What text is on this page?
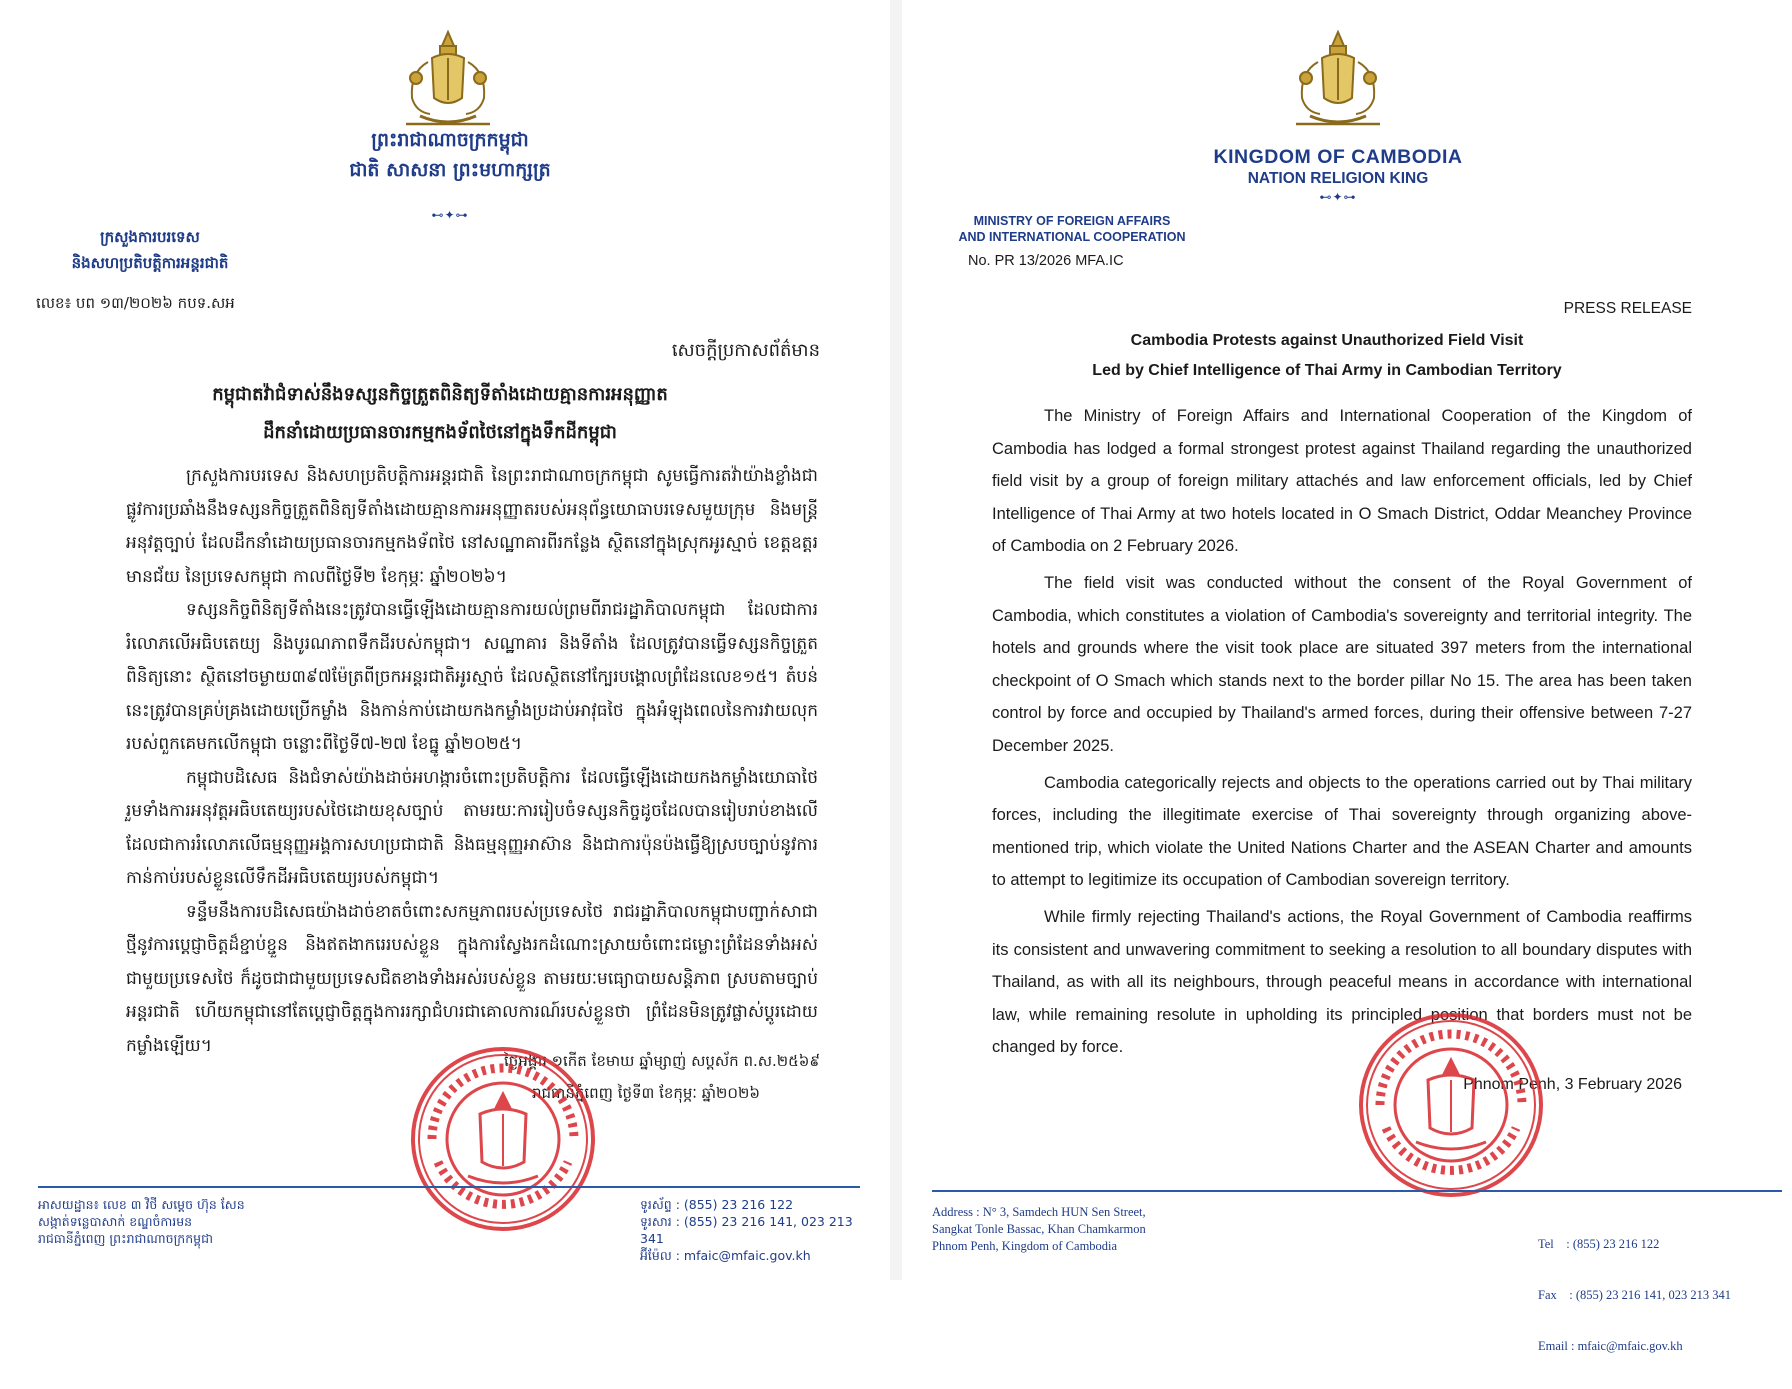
ព្រះរាជាណាចក្រកម្ពុជា
ជាតិ សាសនា ព្រះមហាក្សត្រ
⊷✦⊶
ក្រសួងការបរទេស
និងសហប្រតិបត្តិការអន្តរជាតិ
លេខ៖ បព ១៣/២០២៦ កបទ.សអ
សេចក្តីប្រកាសព័ត៌មាន
កម្ពុជាតវ៉ាជំទាស់នឹងទស្សនកិច្ចត្រួតពិនិត្យទីតាំងដោយគ្មានការអនុញ្ញាត
ដឹកនាំដោយប្រធានចារកម្មកងទ័ពថៃនៅក្នុងទឹកដីកម្ពុជា

ក្រសួងការបរទេស និងសហប្រតិបត្តិការអន្តរជាតិ នៃព្រះរាជាណាចក្រកម្ពុជា សូមធ្វើការតវ៉ាយ៉ាងខ្លាំងជាផ្លូវការប្រឆាំងនឹងទស្សនកិច្ចត្រួតពិនិត្យទីតាំងដោយគ្មានការអនុញ្ញាតរបស់អនុព័ន្ធយោធាបរទេសមួយក្រុម និងមន្ត្រីអនុវត្តច្បាប់ ដែលដឹកនាំដោយប្រធានចារកម្មកងទ័ពថៃ នៅសណ្ឋាគារពីរកន្លែង ស្ថិតនៅក្នុងស្រុកអូរស្មាច់ ខេត្តឧត្តរមានជ័យ នៃប្រទេសកម្ពុជា កាលពីថ្ងៃទី២ ខែកុម្ភៈ ឆ្នាំ២០២៦។

ទស្សនកិច្ចពិនិត្យទីតាំងនេះត្រូវបានធ្វើឡើងដោយគ្មានការយល់ព្រមពីរាជរដ្ឋាភិបាលកម្ពុជា ដែលជាការរំលោភលើអធិបតេយ្យ និងបូរណភាពទឹកដីរបស់កម្ពុជា។ សណ្ឋាគារ និងទីតាំង ដែលត្រូវបានធ្វើទស្សនកិច្ចត្រួតពិនិត្យនោះ ស្ថិតនៅចម្ងាយ៣៩៧ម៉ែត្រពីច្រកអន្តរជាតិអូរស្មាច់ ដែលស្ថិតនៅក្បែរបង្គោលព្រំដែនលេខ១៥។ តំបន់នេះត្រូវបានគ្រប់គ្រងដោយប្រើកម្លាំង និងកាន់កាប់ដោយកងកម្លាំងប្រដាប់អាវុធថៃ ក្នុងអំឡុងពេលនៃការវាយលុករបស់ពួកគេមកលើកម្ពុជា ចន្លោះពីថ្ងៃទី៧-២៧ ខែធ្នូ ឆ្នាំ២០២៥។

កម្ពុជាបដិសេធ និងជំទាស់យ៉ាងដាច់អហង្ការចំពោះប្រតិបត្តិការ ដែលធ្វើឡើងដោយកងកម្លាំងយោធាថៃ រួមទាំងការអនុវត្តអធិបតេយ្យរបស់ថៃដោយខុសច្បាប់ តាមរយៈការរៀបចំទស្សនកិច្ចដូចដែលបានរៀបរាប់ខាងលើ ដែលជាការរំលោភលើធម្មនុញ្ញអង្គការសហប្រជាជាតិ និងធម្មនុញ្ញអាស៊ាន និងជាការប៉ុនប៉ងធ្វើឱ្យស្របច្បាប់នូវការកាន់កាប់របស់ខ្លួនលើទឹកដីអធិបតេយ្យរបស់កម្ពុជា។

ទន្ទឹមនឹងការបដិសេធយ៉ាងដាច់ខាតចំពោះសកម្មភាពរបស់ប្រទេសថៃ រាជរដ្ឋាភិបាលកម្ពុជាបញ្ជាក់សាជាថ្មីនូវការប្តេជ្ញាចិត្តដ៏ខ្ជាប់ខ្ជួន និងឥតងាករេរបស់ខ្លួន ក្នុងការស្វែងរកដំណោះស្រាយចំពោះជម្លោះព្រំដែនទាំងអស់ជាមួយប្រទេសថៃ ក៏ដូចជាជាមួយប្រទេសជិតខាងទាំងអស់របស់ខ្លួន តាមរយៈមធ្យោបាយសន្តិភាព ស្របតាមច្បាប់អន្តរជាតិ ហើយកម្ពុជានៅតែប្តេជ្ញាចិត្តក្នុងការរក្សាជំហរជាគោលការណ៍របស់ខ្លួនថា ព្រំដែនមិនត្រូវផ្លាស់ប្តូរដោយកម្លាំងឡើយ។

ថ្ងៃអង្គារ ១កើត ខែមាឃ ឆ្នាំម្សាញ់ សប្តស័ក ព.ស.២៥៦៩
រាជធានីភ្នំពេញ ថ្ងៃទី៣ ខែកុម្ភៈ ឆ្នាំ២០២៦
អាសយដ្ឋាន៖ លេខ ៣ វិថី សម្តេច ហ៊ុន សែន
សង្កាត់ទន្លេបាសាក់ ខណ្ឌចំការមន
រាជធានីភ្នំពេញ ព្រះរាជាណាចក្រកម្ពុជា
ទូរស័ព្ទ : (855) 23 216 122
ទូរសារ : (855) 23 216 141, 023 213 341
អ៊ីម៉ែល : mfaic@mfaic.gov.kh
KINGDOM OF CAMBODIA
NATION RELIGION KING
⊷✦⊶
MINISTRY OF FOREIGN AFFAIRS
AND INTERNATIONAL COOPERATION
No. PR 13/2026 MFA.IC
PRESS RELEASE
Cambodia Protests against Unauthorized Field Visit
Led by Chief Intelligence of Thai Army in Cambodian Territory

The Ministry of Foreign Affairs and International Cooperation of the Kingdom of Cambodia has lodged a formal strongest protest against Thailand regarding the unauthorized field visit by a group of foreign military attachés and law enforcement officials, led by Chief Intelligence of Thai Army at two hotels located in O Smach District, Oddar Meanchey Province of Cambodia on 2 February 2026.

The field visit was conducted without the consent of the Royal Government of Cambodia, which constitutes a violation of Cambodia's sovereignty and territorial integrity. The hotels and grounds where the visit took place are situated 397 meters from the international checkpoint of O Smach which stands next to the border pillar No 15. The area has been taken control by force and occupied by Thailand's armed forces, during their offensive between 7-27 December 2025.

Cambodia categorically rejects and objects to the operations carried out by Thai military forces, including the illegitimate exercise of Thai sovereignty through organizing above-mentioned trip, which violate the United Nations Charter and the ASEAN Charter and amounts to attempt to legitimize its occupation of Cambodian sovereign territory.

While firmly rejecting Thailand's actions, the Royal Government of Cambodia reaffirms its consistent and unwavering commitment to seeking a resolution to all boundary disputes with Thailand, as with all its neighbours, through peaceful means in accordance with international law, while remaining resolute in upholding its principled position that borders must not be changed by force.

Phnom Penh, 3 February 2026
Address : N° 3, Samdech HUN Sen Street,
Sangkat Tonle Bassac, Khan Chamkarmon
Phnom Penh, Kingdom of Cambodia

	Tel    : (855) 23 216 122

Fax    : (855) 23 216 141, 023 213 341

Email : mfaic@mfaic.gov.kh
